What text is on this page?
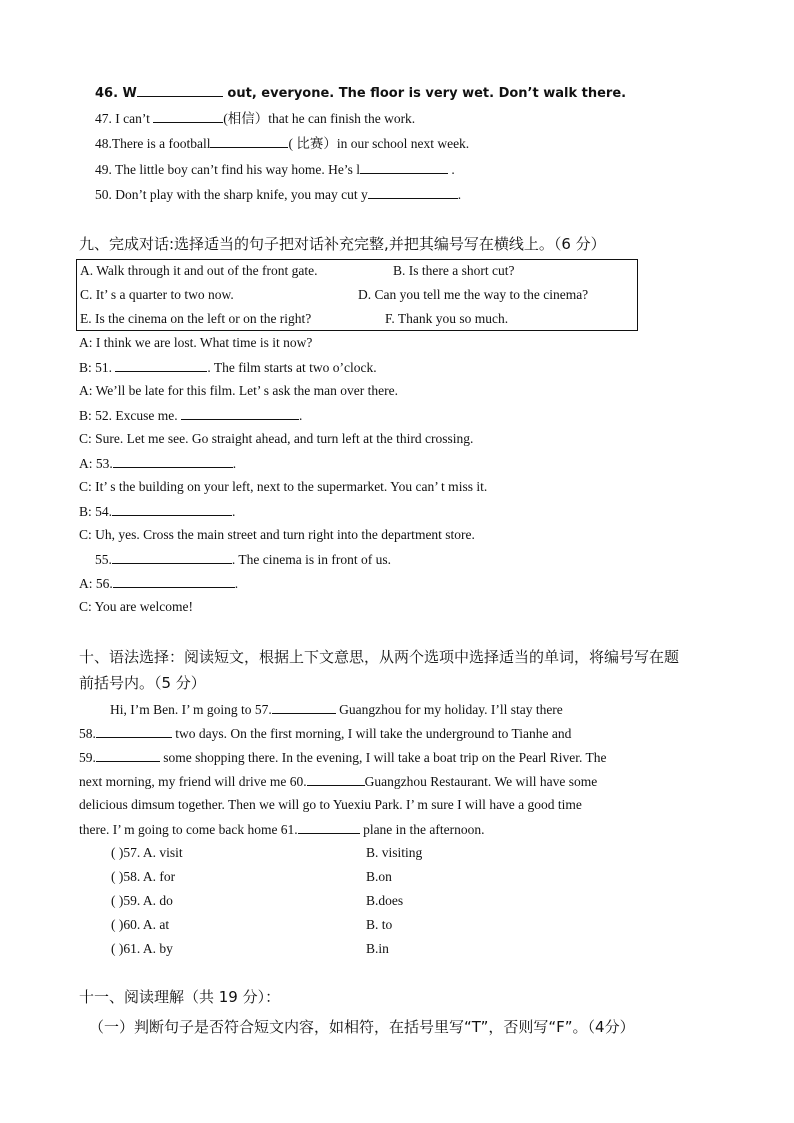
46. W	out, everyone. The floor is very wet. Don’t walk there.
47. I can’t	(相信）that he can finish the work.
48.There is a football	( 比赛）in our school next week.
49. The little boy can’t find his way home. He’s l	.
50. Don’t play with the sharp knife, you may cut y	.
九、完成对话:选择适当的句子把对话补充完整,并把其编号写在横线上。（6 分）
A. Walk through it and out of the front gate.	B. Is there a short cut?
C. It’ s a quarter to two now.	D. Can you tell me the way to the cinema?
E. Is the cinema on the left or on the right?	F. Thank you so much.
A: I think we are lost. What time is it now?
B: 51.	. The film starts at two o’clock.
A: We’ll be late for this film. Let’ s ask the man over there.
B: 52. Excuse me.	.
C: Sure. Let me see. Go straight ahead, and turn left at the third crossing.
A: 53.	.
C: It’ s the building on your left, next to the supermarket. You can’ t miss it.
B: 54.	.
C: Uh, yes. Cross the main street and turn right into the department store.
55.	. The cinema is in front of us.
A: 56.	.
C: You are welcome!
十、语法选择：阅读短文，根据上下文意思，从两个选项中选择适当的单词，将编号写在题
前括号内。（5 分）
Hi, I’m Ben. I’ m going to 57.	Guangzhou for my holiday. I’ll stay there
58.	two days. On the first morning, I will take the underground to Tianhe and
59.	some shopping there. In the evening, I will take a boat trip on the Pearl River. The
next morning, my friend will drive me 60.	Guangzhou Restaurant. We will have some
delicious dimsum together. Then we will go to Yuexiu Park. I’ m sure I will have a good time
there. I’ m going to come back home 61.	plane in the afternoon.
( )57. A. visit	B. visiting
( )58. A. for	B.on
( )59. A. do	B.does
( )60. A. at	B. to
( )61. A. by	B.in
十一、阅读理解（共 19 分）：
（一）判断句子是否符合短文内容，如相符，在括号里写“T”，否则写“F”。（4分）
